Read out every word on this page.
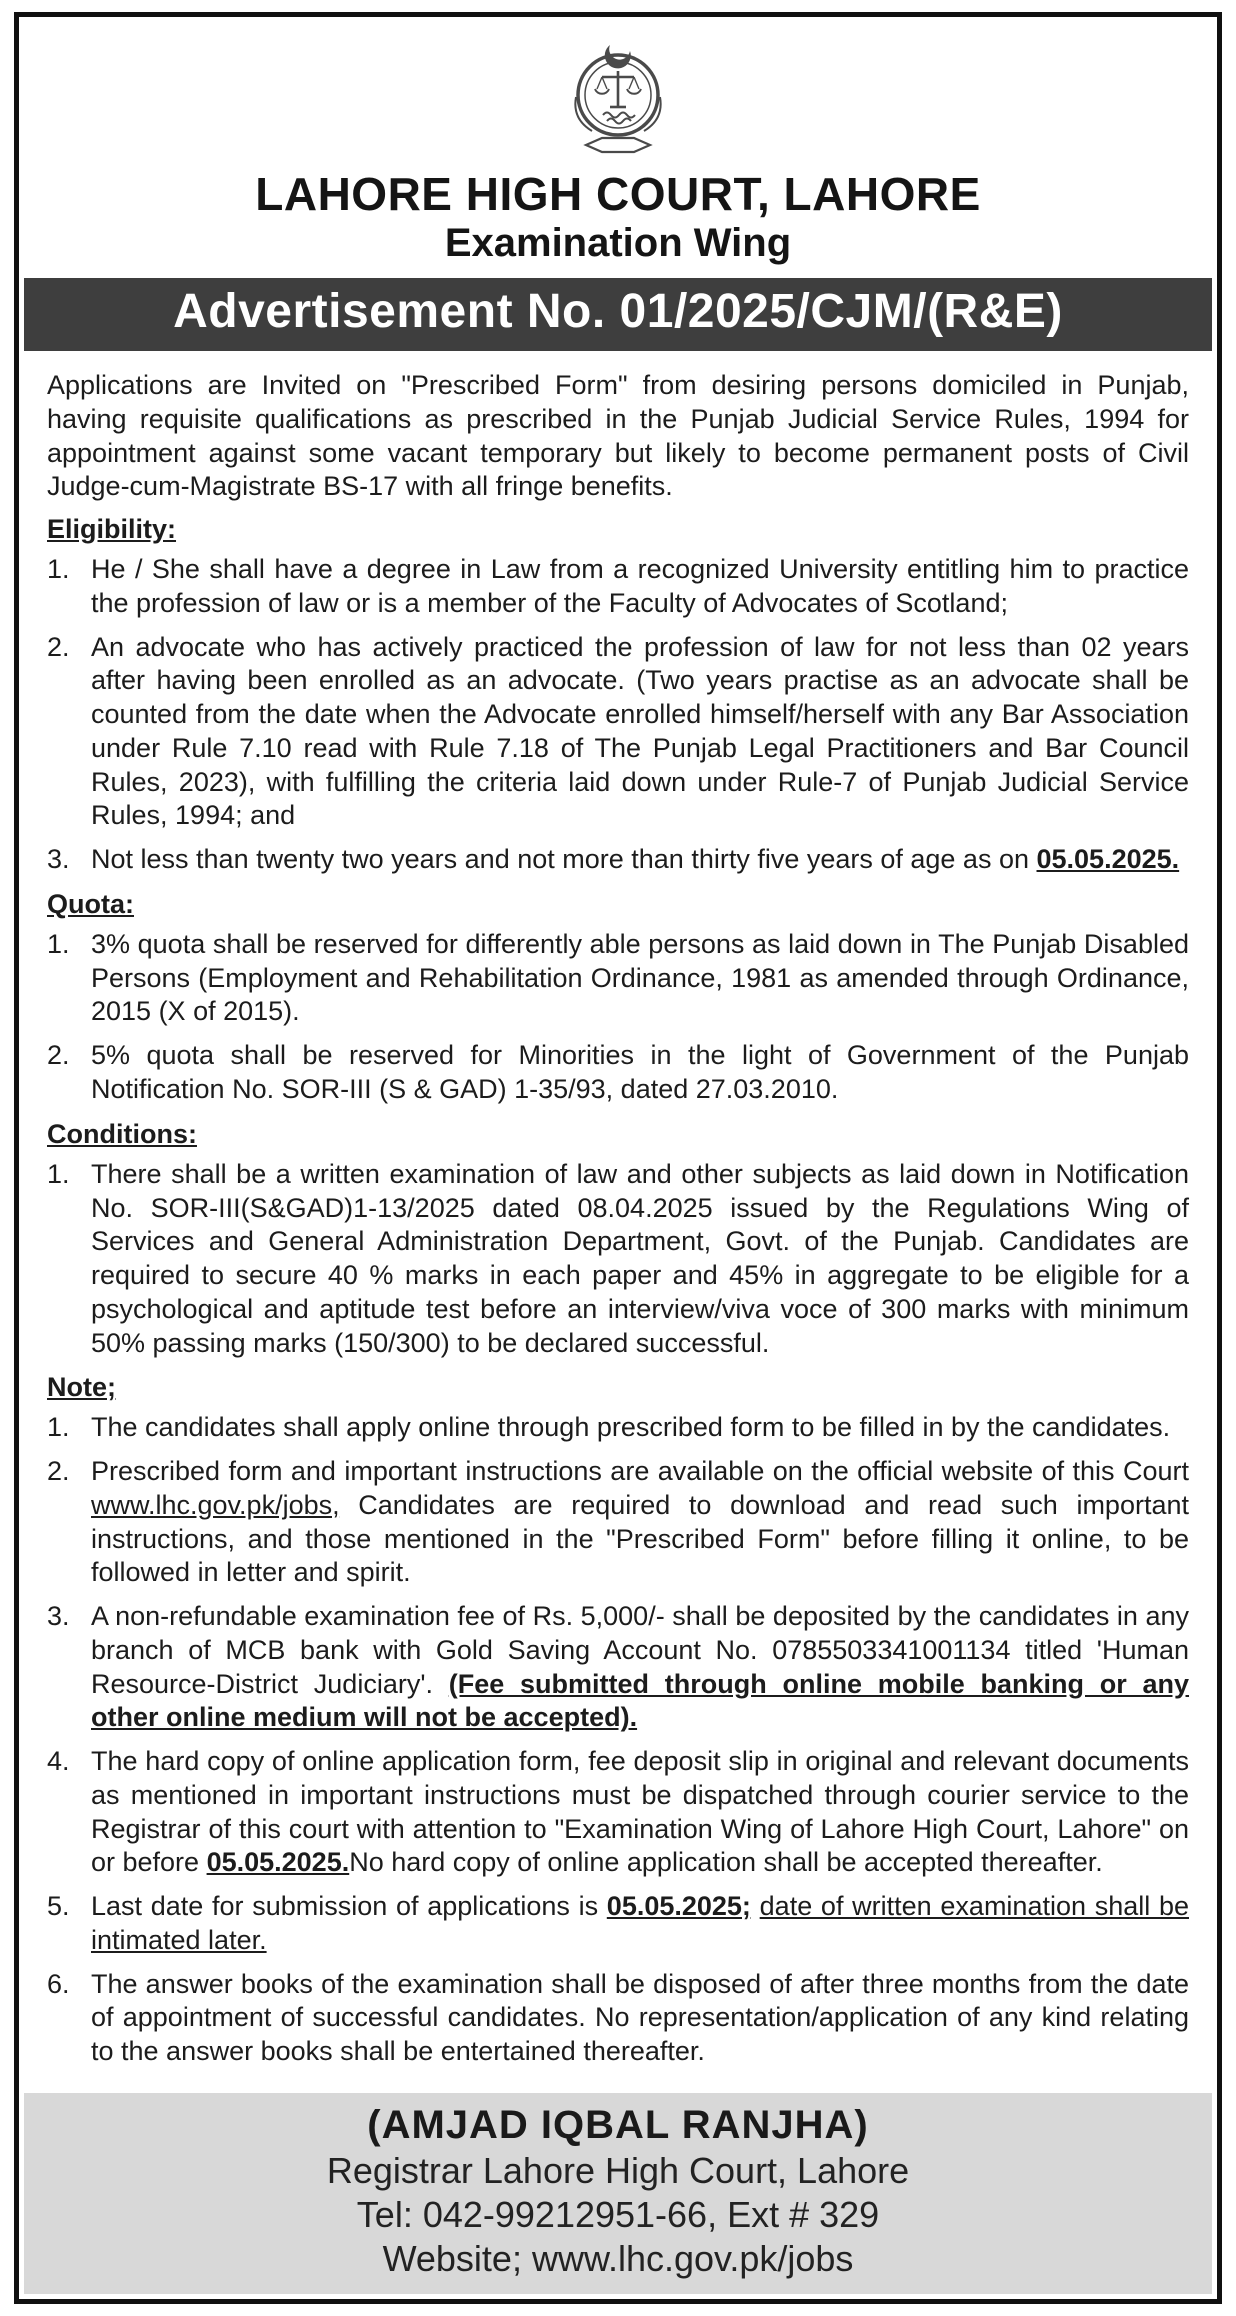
LAHORE HIGH COURT, LAHORE
Examination Wing
Advertisement No. 01/2025/CJM/(R&E)

Applications are Invited on "Prescribed Form" from desiring persons domiciled in Punjab, having requisite qualifications as prescribed in the Punjab Judicial Service Rules, 1994 for appointment against some vacant temporary but likely to become permanent posts of Civil Judge-cum-Magistrate BS-17 with all fringe benefits.

Eligibility:
1. He / She shall have a degree in Law from a recognized University entitling him to practice the profession of law or is a member of the Faculty of Advocates of Scotland;
2. An advocate who has actively practiced the profession of law for not less than 02 years after having been enrolled as an advocate. (Two years practise as an advocate shall be counted from the date when the Advocate enrolled himself/herself with any Bar Association under Rule 7.10 read with Rule 7.18 of The Punjab Legal Practitioners and Bar Council Rules, 2023), with fulfilling the criteria laid down under Rule-7 of Punjab Judicial Service Rules, 1994; and
3. Not less than twenty two years and not more than thirty five years of age as on 05.05.2025.
Quota:
1. 3% quota shall be reserved for differently able persons as laid down in The Punjab Disabled Persons (Employment and Rehabilitation Ordinance, 1981 as amended through Ordinance, 2015 (X of 2015).
2. 5% quota shall be reserved for Minorities in the light of Government of the Punjab Notification No. SOR-III (S & GAD) 1-35/93, dated 27.03.2010.
Conditions:
1. There shall be a written examination of law and other subjects as laid down in Notification No. SOR-III(S&GAD)1-13/2025 dated 08.04.2025 issued by the Regulations Wing of Services and General Administration Department, Govt. of the Punjab. Candidates are required to secure 40 % marks in each paper and 45% in aggregate to be eligible for a psychological and aptitude test before an interview/viva voce of 300 marks with minimum 50% passing marks (150/300) to be declared successful.
Note;
1. The candidates shall apply online through prescribed form to be filled in by the candidates.
2. Prescribed form and important instructions are available on the official website of this Court www.lhc.gov.pk/jobs, Candidates are required to download and read such important instructions, and those mentioned in the "Prescribed Form" before filling it online, to be followed in letter and spirit.
3. A non-refundable examination fee of Rs. 5,000/- shall be deposited by the candidates in any branch of MCB bank with Gold Saving Account No. 0785503341001134 titled 'Human Resource-District Judiciary'. (Fee submitted through online mobile banking or any other online medium will not be accepted).
4. The hard copy of online application form, fee deposit slip in original and relevant documents as mentioned in important instructions must be dispatched through courier service to the Registrar of this court with attention to "Examination Wing of Lahore High Court, Lahore" on or before 05.05.2025.No hard copy of online application shall be accepted thereafter.
5. Last date for submission of applications is 05.05.2025; date of written examination shall be intimated later.
6. The answer books of the examination shall be disposed of after three months from the date of appointment of successful candidates. No representation/application of any kind relating to the answer books shall be entertained thereafter.
(AMJAD IQBAL RANJHA)
Registrar Lahore High Court, Lahore
Tel: 042-99212951-66, Ext # 329
Website; www.lhc.gov.pk/jobs
